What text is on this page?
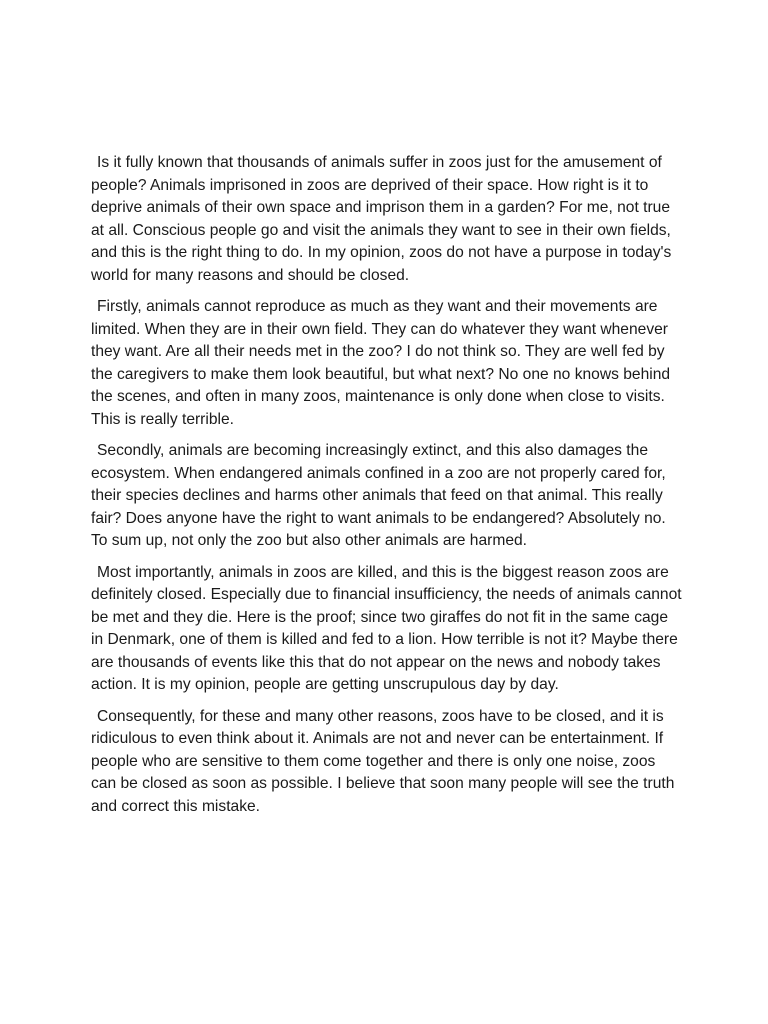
Is it fully known that thousands of animals suffer in zoos just for the amusement of people? Animals imprisoned in zoos are deprived of their space. How right is it to deprive animals of their own space and imprison them in a garden? For me, not true at all. Conscious people go and visit the animals they want to see in their own fields, and this is the right thing to do. In my opinion, zoos do not have a purpose in today's world for many reasons and should be closed.

Firstly, animals cannot reproduce as much as they want and their movements are limited. When they are in their own field. They can do whatever they want whenever they want. Are all their needs met in the zoo? I do not think so. They are well fed by the caregivers to make them look beautiful, but what next? No one no knows behind the scenes, and often in many zoos, maintenance is only done when close to visits. This is really terrible.

Secondly, animals are becoming increasingly extinct, and this also damages the ecosystem. When endangered animals confined in a zoo are not properly cared for, their species declines and harms other animals that feed on that animal. This really fair? Does anyone have the right to want animals to be endangered? Absolutely no. To sum up, not only the zoo but also other animals are harmed.

Most importantly, animals in zoos are killed, and this is the biggest reason zoos are definitely closed. Especially due to financial insufficiency, the needs of animals cannot be met and they die. Here is the proof; since two giraffes do not fit in the same cage in Denmark, one of them is killed and fed to a lion. How terrible is not it? Maybe there are thousands of events like this that do not appear on the news and nobody takes action. It is my opinion, people are getting unscrupulous day by day.

Consequently, for these and many other reasons, zoos have to be closed, and it is ridiculous to even think about it. Animals are not and never can be entertainment. If people who are sensitive to them come together and there is only one noise, zoos can be closed as soon as possible. I believe that soon many people will see the truth and correct this mistake.
